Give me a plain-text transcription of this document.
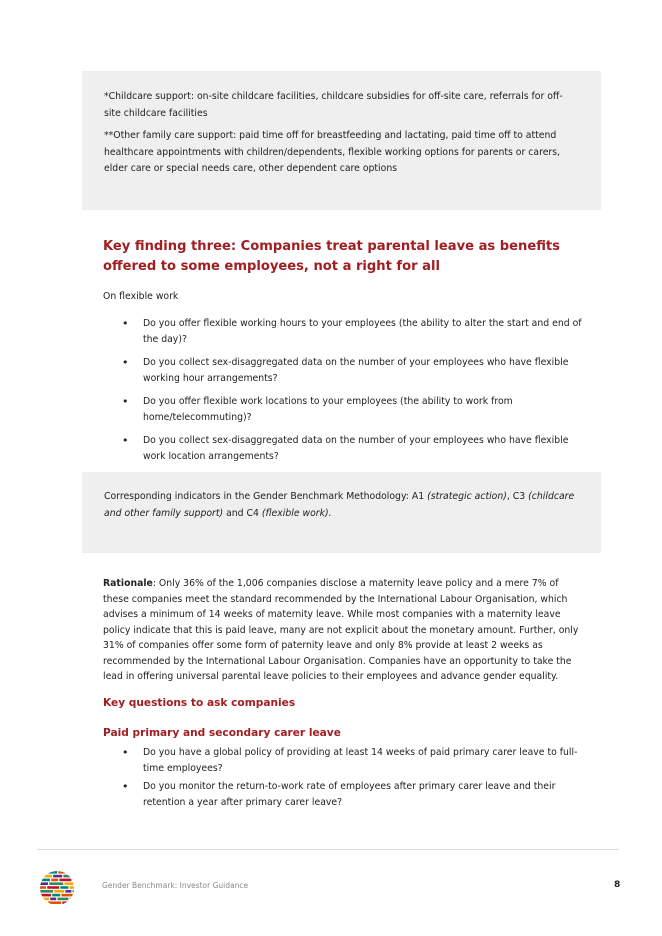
*Childcare support: on-site childcare facilities, childcare subsidies for off-site care, referrals for off-site childcare facilities

**Other family care support: paid time off for breastfeeding and lactating, paid time off to attend healthcare appointments with children/dependents, flexible working options for parents or carers, elder care or special needs care, other dependent care options

Key finding three: Companies treat parental leave as benefits offered to some employees, not a right for all

On flexible work

• Do you offer flexible working hours to your employees (the ability to alter the start and end of the day)?
• Do you collect sex-disaggregated data on the number of your employees who have flexible working hour arrangements?
• Do you offer flexible work locations to your employees (the ability to work from home/telecommuting)?
• Do you collect sex-disaggregated data on the number of your employees who have flexible work location arrangements?

Corresponding indicators in the Gender Benchmark Methodology: A1 (strategic action), C3 (childcare and other family support) and C4 (flexible work).

Rationale: Only 36% of the 1,006 companies disclose a maternity leave policy and a mere 7% of these companies meet the standard recommended by the International Labour Organisation, which advises a minimum of 14 weeks of maternity leave. While most companies with a maternity leave policy indicate that this is paid leave, many are not explicit about the monetary amount. Further, only 31% of companies offer some form of paternity leave and only 8% provide at least 2 weeks as recommended by the International Labour Organisation. Companies have an opportunity to take the lead in offering universal parental leave policies to their employees and advance gender equality.

Key questions to ask companies
Paid primary and secondary carer leave
• Do you have a global policy of providing at least 14 weeks of paid primary carer leave to full-time employees?
• Do you monitor the return-to-work rate of employees after primary carer leave and their retention a year after primary carer leave?
Gender Benchmark: Investor Guidance	8
